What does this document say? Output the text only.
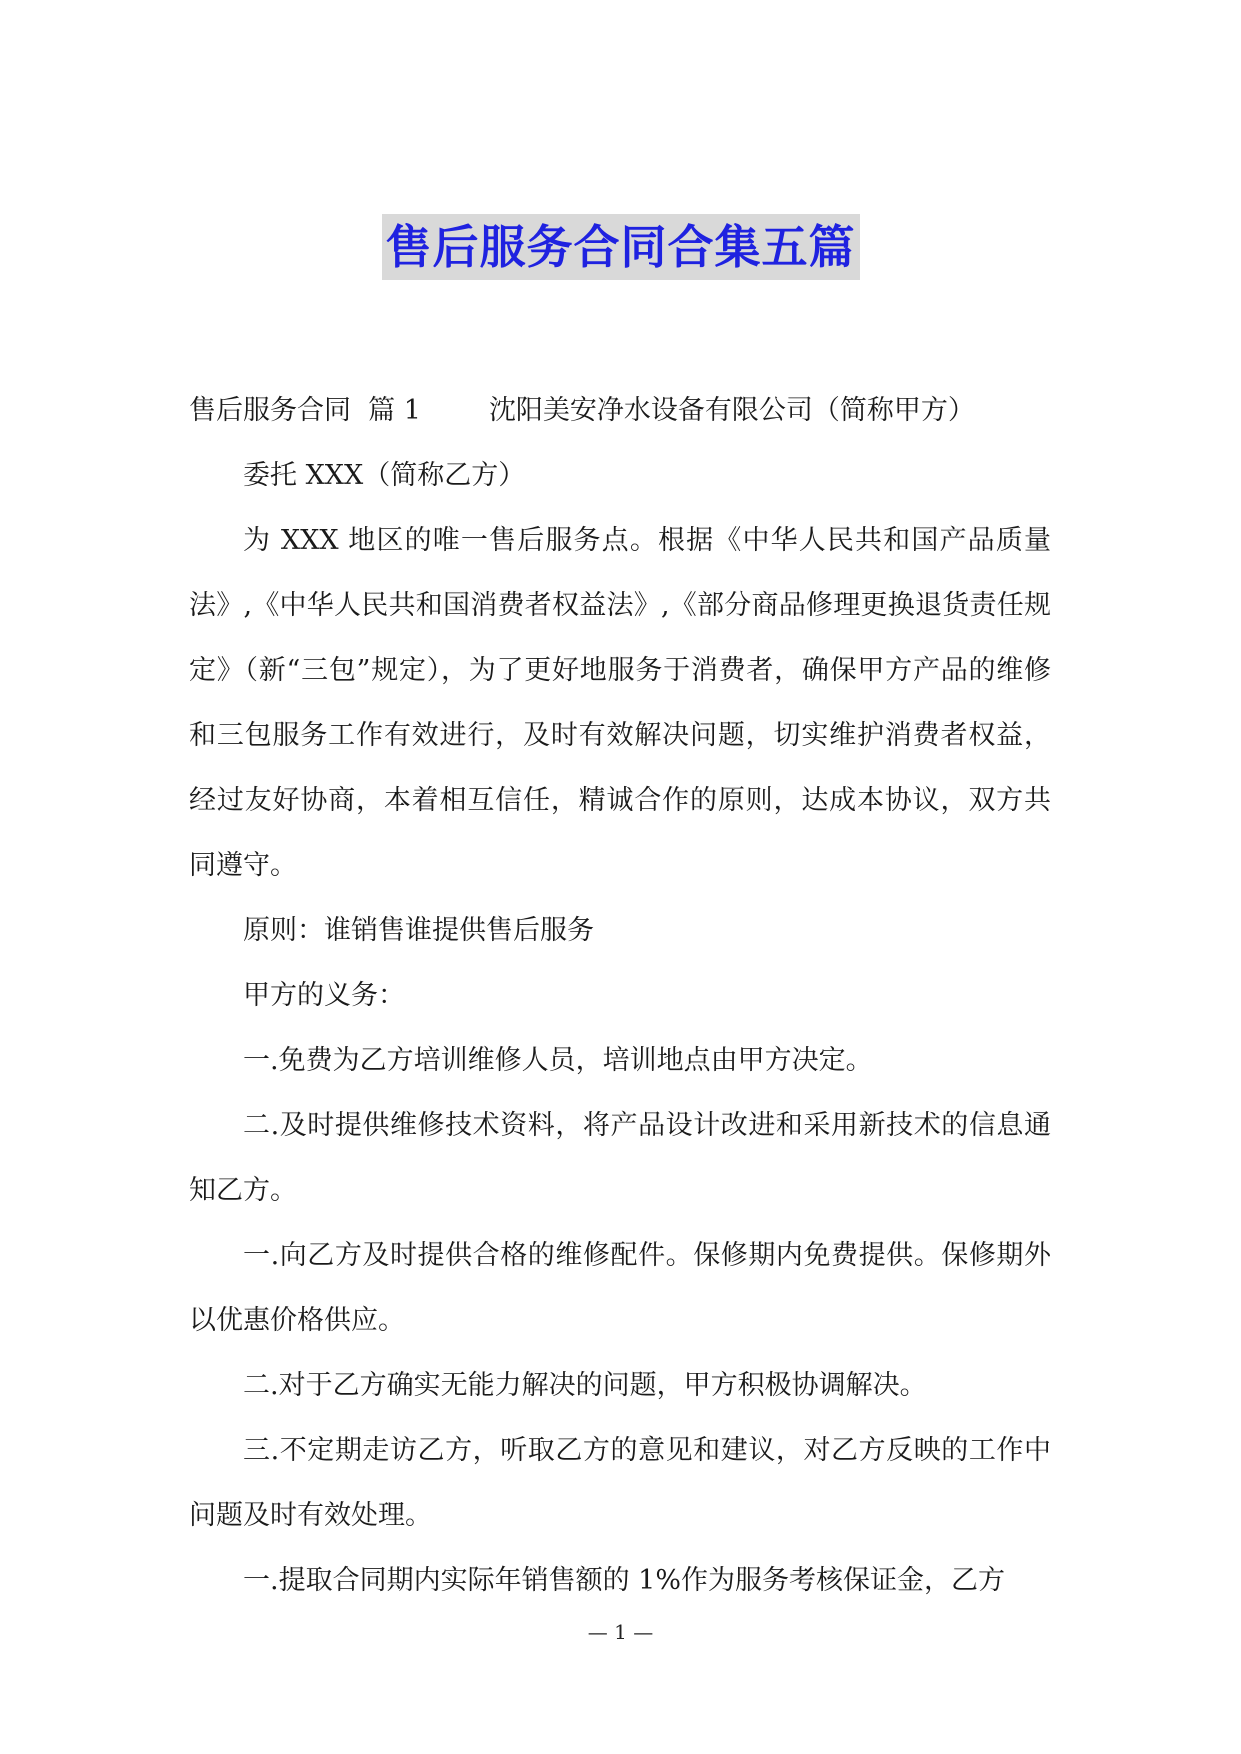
售后服务合同合集五篇

售后服务合同  篇 1	沈阳美安净水设备有限公司（简称甲方）

委托 XXX（简称乙方）

为 XXX 地区的唯一售后服务点。根据《中华人民共和国产品质量法》,《中华人民共和国消费者权益法》,《部分商品修理更换退货责任规定》（新“三包”规定），为了更好地服务于消费者，确保甲方产品的维修和三包服务工作有效进行，及时有效解决问题，切实维护消费者权益，经过友好协商，本着相互信任，精诚合作的原则，达成本协议，双方共同遵守。

原则：谁销售谁提供售后服务

甲方的义务：

一.免费为乙方培训维修人员，培训地点由甲方决定。

二.及时提供维修技术资料，将产品设计改进和采用新技术的信息通知乙方。

一.向乙方及时提供合格的维修配件。保修期内免费提供。保修期外以优惠价格供应。

二.对于乙方确实无能力解决的问题，甲方积极协调解决。

三.不定期走访乙方，听取乙方的意见和建议，对乙方反映的工作中问题及时有效处理。

一.提取合同期内实际年销售额的 1%作为服务考核保证金，乙方

— 1 —
